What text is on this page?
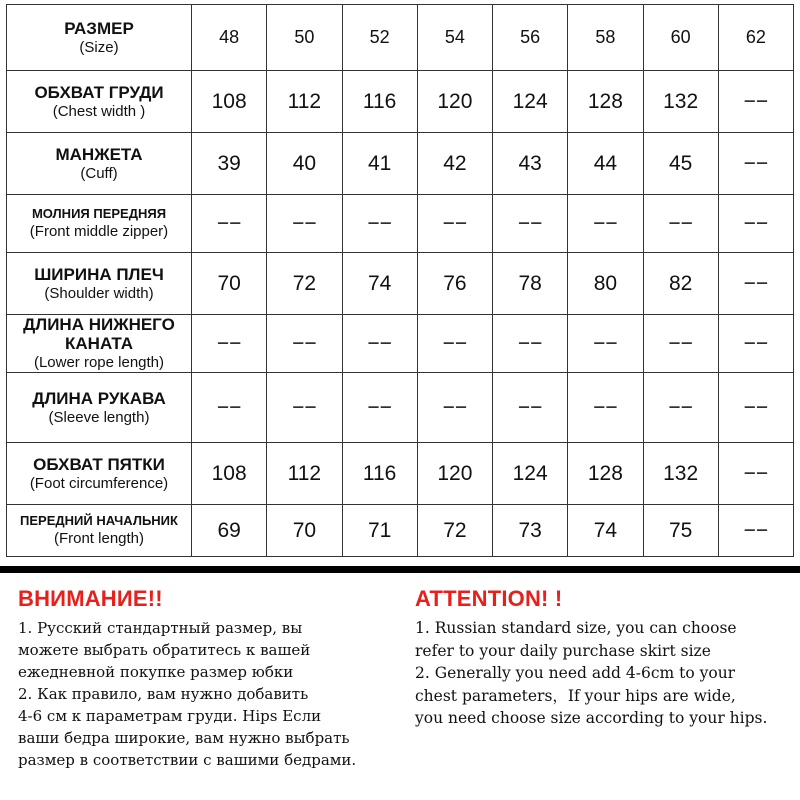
РАЗМЕР
(Size)	48	50	52	54	56	58	60	62

ОБХВАТ ГРУДИ
(Chest width )	108	112	116	120	124	128	132	−−

МАНЖЕТА
(Cuff)	39	40	41	42	43	44	45	−−

МОЛНИЯ ПЕРЕДНЯЯ
(Front middle zipper)	−−	−−	−−	−−	−−	−−	−−	−−

ШИРИНА ПЛЕЧ
(Shoulder width)	70	72	74	76	78	80	82	−−

ДЛИНА НИЖНЕГО КАНАТА
(Lower rope length)	−−	−−	−−	−−	−−	−−	−−	−−

ДЛИНА РУКАВА
(Sleeve length)	−−	−−	−−	−−	−−	−−	−−	−−

ОБХВАТ ПЯТКИ
(Foot circumference)	108	112	116	120	124	128	132	−−

ПЕРЕДНИЙ НАЧАЛЬНИК
(Front length)	69	70	71	72	73	74	75	−−
ВНИМАНИЕ!!

1. Русский стандартный размер, вы
можете выбрать обратитесь к вашей
ежедневной покупке размер юбки
2. Как правило, вам нужно добавить
4-6 см к параметрам груди. Hips Если
ваши бедра широкие, вам нужно выбрать
размер в соответствии с вашими бедрами.

ATTENTION! !

1. Russian standard size, you can choose
refer to your daily purchase skirt size
2. Generally you need add 4-6cm to your
chest parameters，If your hips are wide,
you need choose size according to your hips.
